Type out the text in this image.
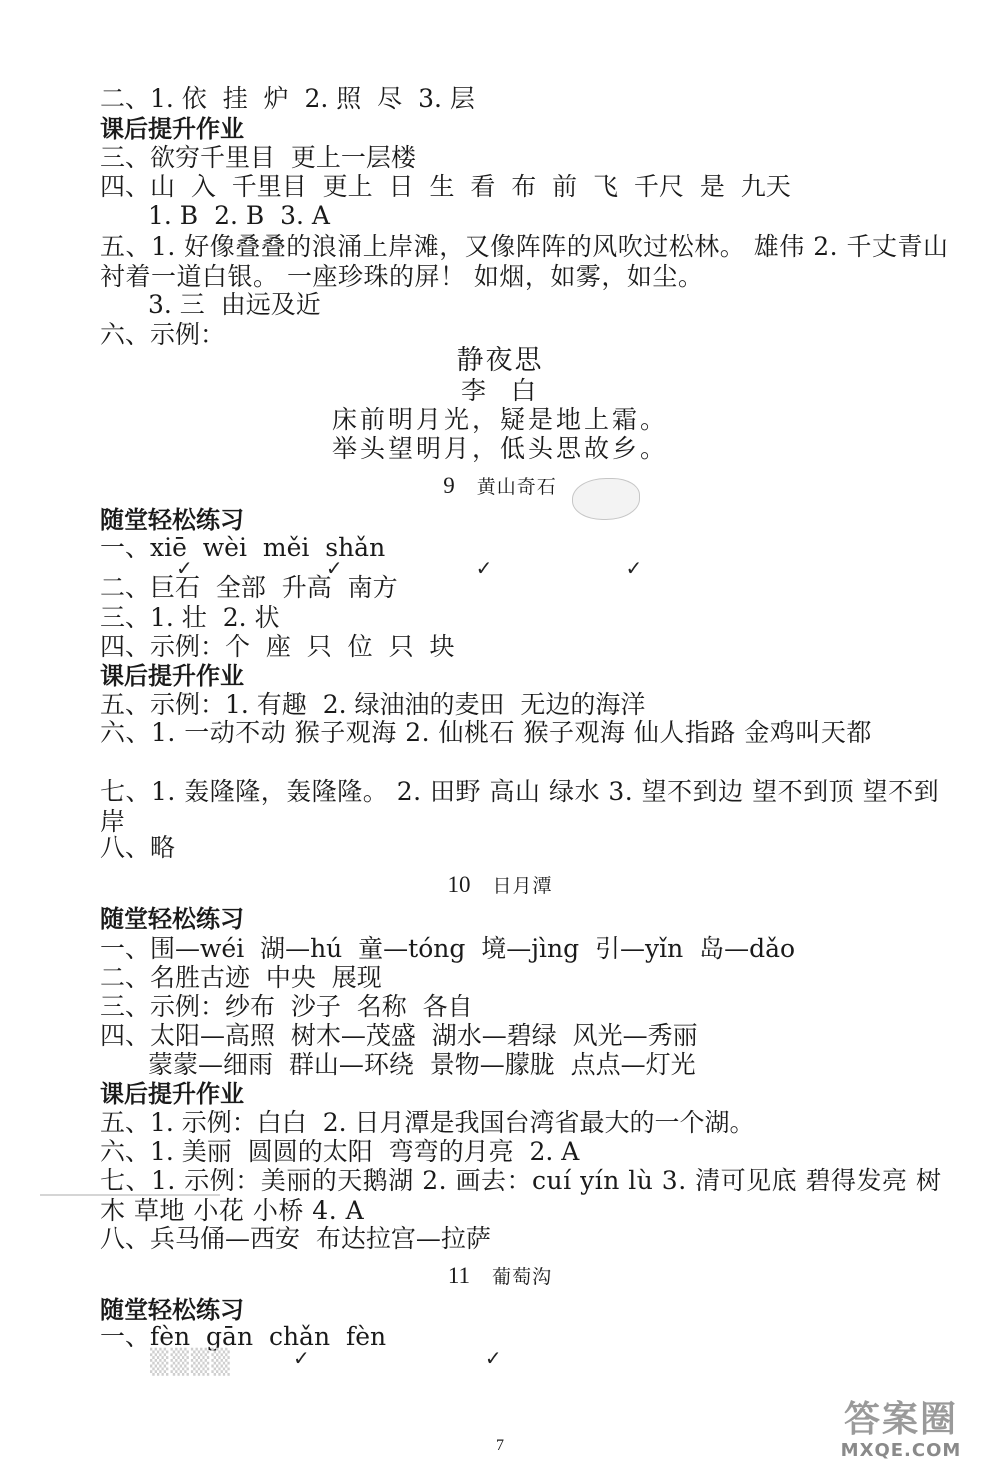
二、1. 依  挂  炉  2. 照  尽  3. 层
课后提升作业
三、欲穷千里目  更上一层楼
四、山  入  千里目  更上  日  生  看  布  前  飞  千尺  是  九天
1. B  2. B  3. A
五、1. 好像叠叠的浪涌上岸滩，又像阵阵的风吹过松林。 雄伟 2. 千丈青山衬着一道白银。 一座珍珠的屏！ 如烟，如雾，如尘。
3. 三  由远及近
六、示例：
静夜思
李  白
床前明月光，疑是地上霜。
举头望明月，低头思故乡。
9 黄山奇石
随堂轻松练习
一、xiē  wèi  měi  shǎn
✓   ✓   ✓   ✓
二、巨石  全部  升高  南方
三、1. 壮  2. 状
四、示例：个  座  只  位  只  块
课后提升作业
五、示例：1. 有趣  2. 绿油油的麦田  无边的海洋
六、1. 一动不动 猴子观海 2. 仙桃石 猴子观海 仙人指路 金鸡叫天都
七、1. 轰隆隆，轰隆隆。 2. 田野 高山 绿水 3. 望不到边 望不到顶 望不到岸
八、略
10 日月潭
随堂轻松练习
一、围—wéi  湖—hú  童—tóng  境—jìng  引—yǐn  岛—dǎo
二、名胜古迹  中央  展现
三、示例：纱布  沙子  名称  各自
四、太阳—高照  树木—茂盛  湖水—碧绿  风光—秀丽
蒙蒙—细雨  群山—环绕  景物—朦胧  点点—灯光
课后提升作业
五、1. 示例：白白  2. 日月潭是我国台湾省最大的一个湖。
六、1. 美丽  圆圆的太阳  弯弯的月亮  2. A
七、1. 示例：美丽的天鹅湖 2. 画去：cuí yín lù 3. 清可见底 碧得发亮 树木 草地 小花 小桥 4. A
八、兵马俑—西安  布达拉宫—拉萨
11 葡萄沟
随堂轻松练习
一、fèn  gān  chǎn  fèn
✓   ✓
▒▒▒▒
7
答案圈
MXQE.COM
